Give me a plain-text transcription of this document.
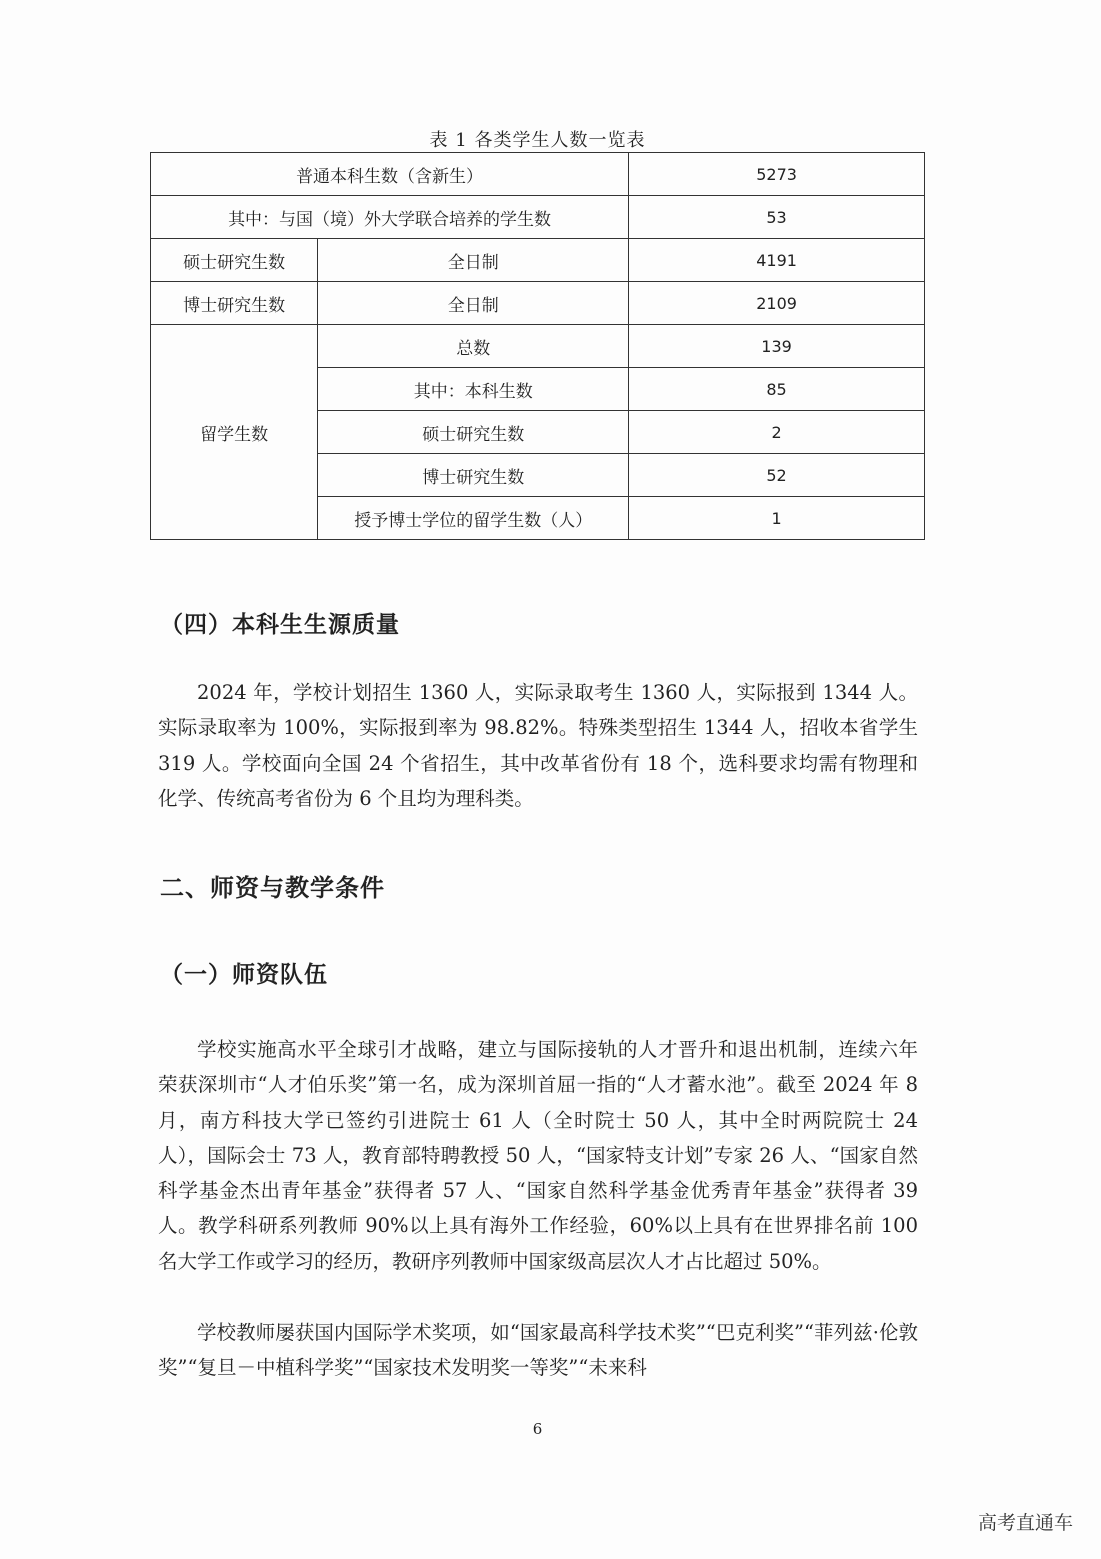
表 1 各类学生人数一览表
普通本科生数（含新生）		5273
其中：与国（境）外大学联合培养的学生数		53
硕士研究生数	全日制	4191
博士研究生数	全日制	2109
留学生数	总数	139
	其中：本科生数	85
	硕士研究生数	2
	博士研究生数	52
	授予博士学位的留学生数（人）	1
（四）本科生生源质量

2024 年，学校计划招生 1360 人，实际录取考生 1360 人，实际报到 1344 人。实际录取率为 100%，实际报到率为 98.82%。特殊类型招生 1344 人，招收本省学生 319 人。学校面向全国 24 个省招生，其中改革省份有 18 个，选科要求均需有物理和化学、传统高考省份为 6 个且均为理科类。

二、师资与教学条件
（一）师资队伍

学校实施高水平全球引才战略，建立与国际接轨的人才晋升和退出机制，连续六年荣获深圳市“人才伯乐奖”第一名，成为深圳首屈一指的“人才蓄水池”。截至 2024 年 8 月，南方科技大学已签约引进院士 61 人（全时院士 50 人，其中全时两院院士 24 人），国际会士 73 人，教育部特聘教授 50 人，“国家特支计划”专家 26 人、“国家自然科学基金杰出青年基金”获得者 57 人、“国家自然科学基金优秀青年基金”获得者 39 人。教学科研系列教师 90%以上具有海外工作经验，60%以上具有在世界排名前 100 名大学工作或学习的经历，教研序列教师中国家级高层次人才占比超过 50%。

学校教师屡获国内国际学术奖项，如“国家最高科学技术奖”“巴克利奖”“菲列兹·伦敦奖”“复旦－中植科学奖”“国家技术发明奖一等奖”“未来科

6
高考直通车
